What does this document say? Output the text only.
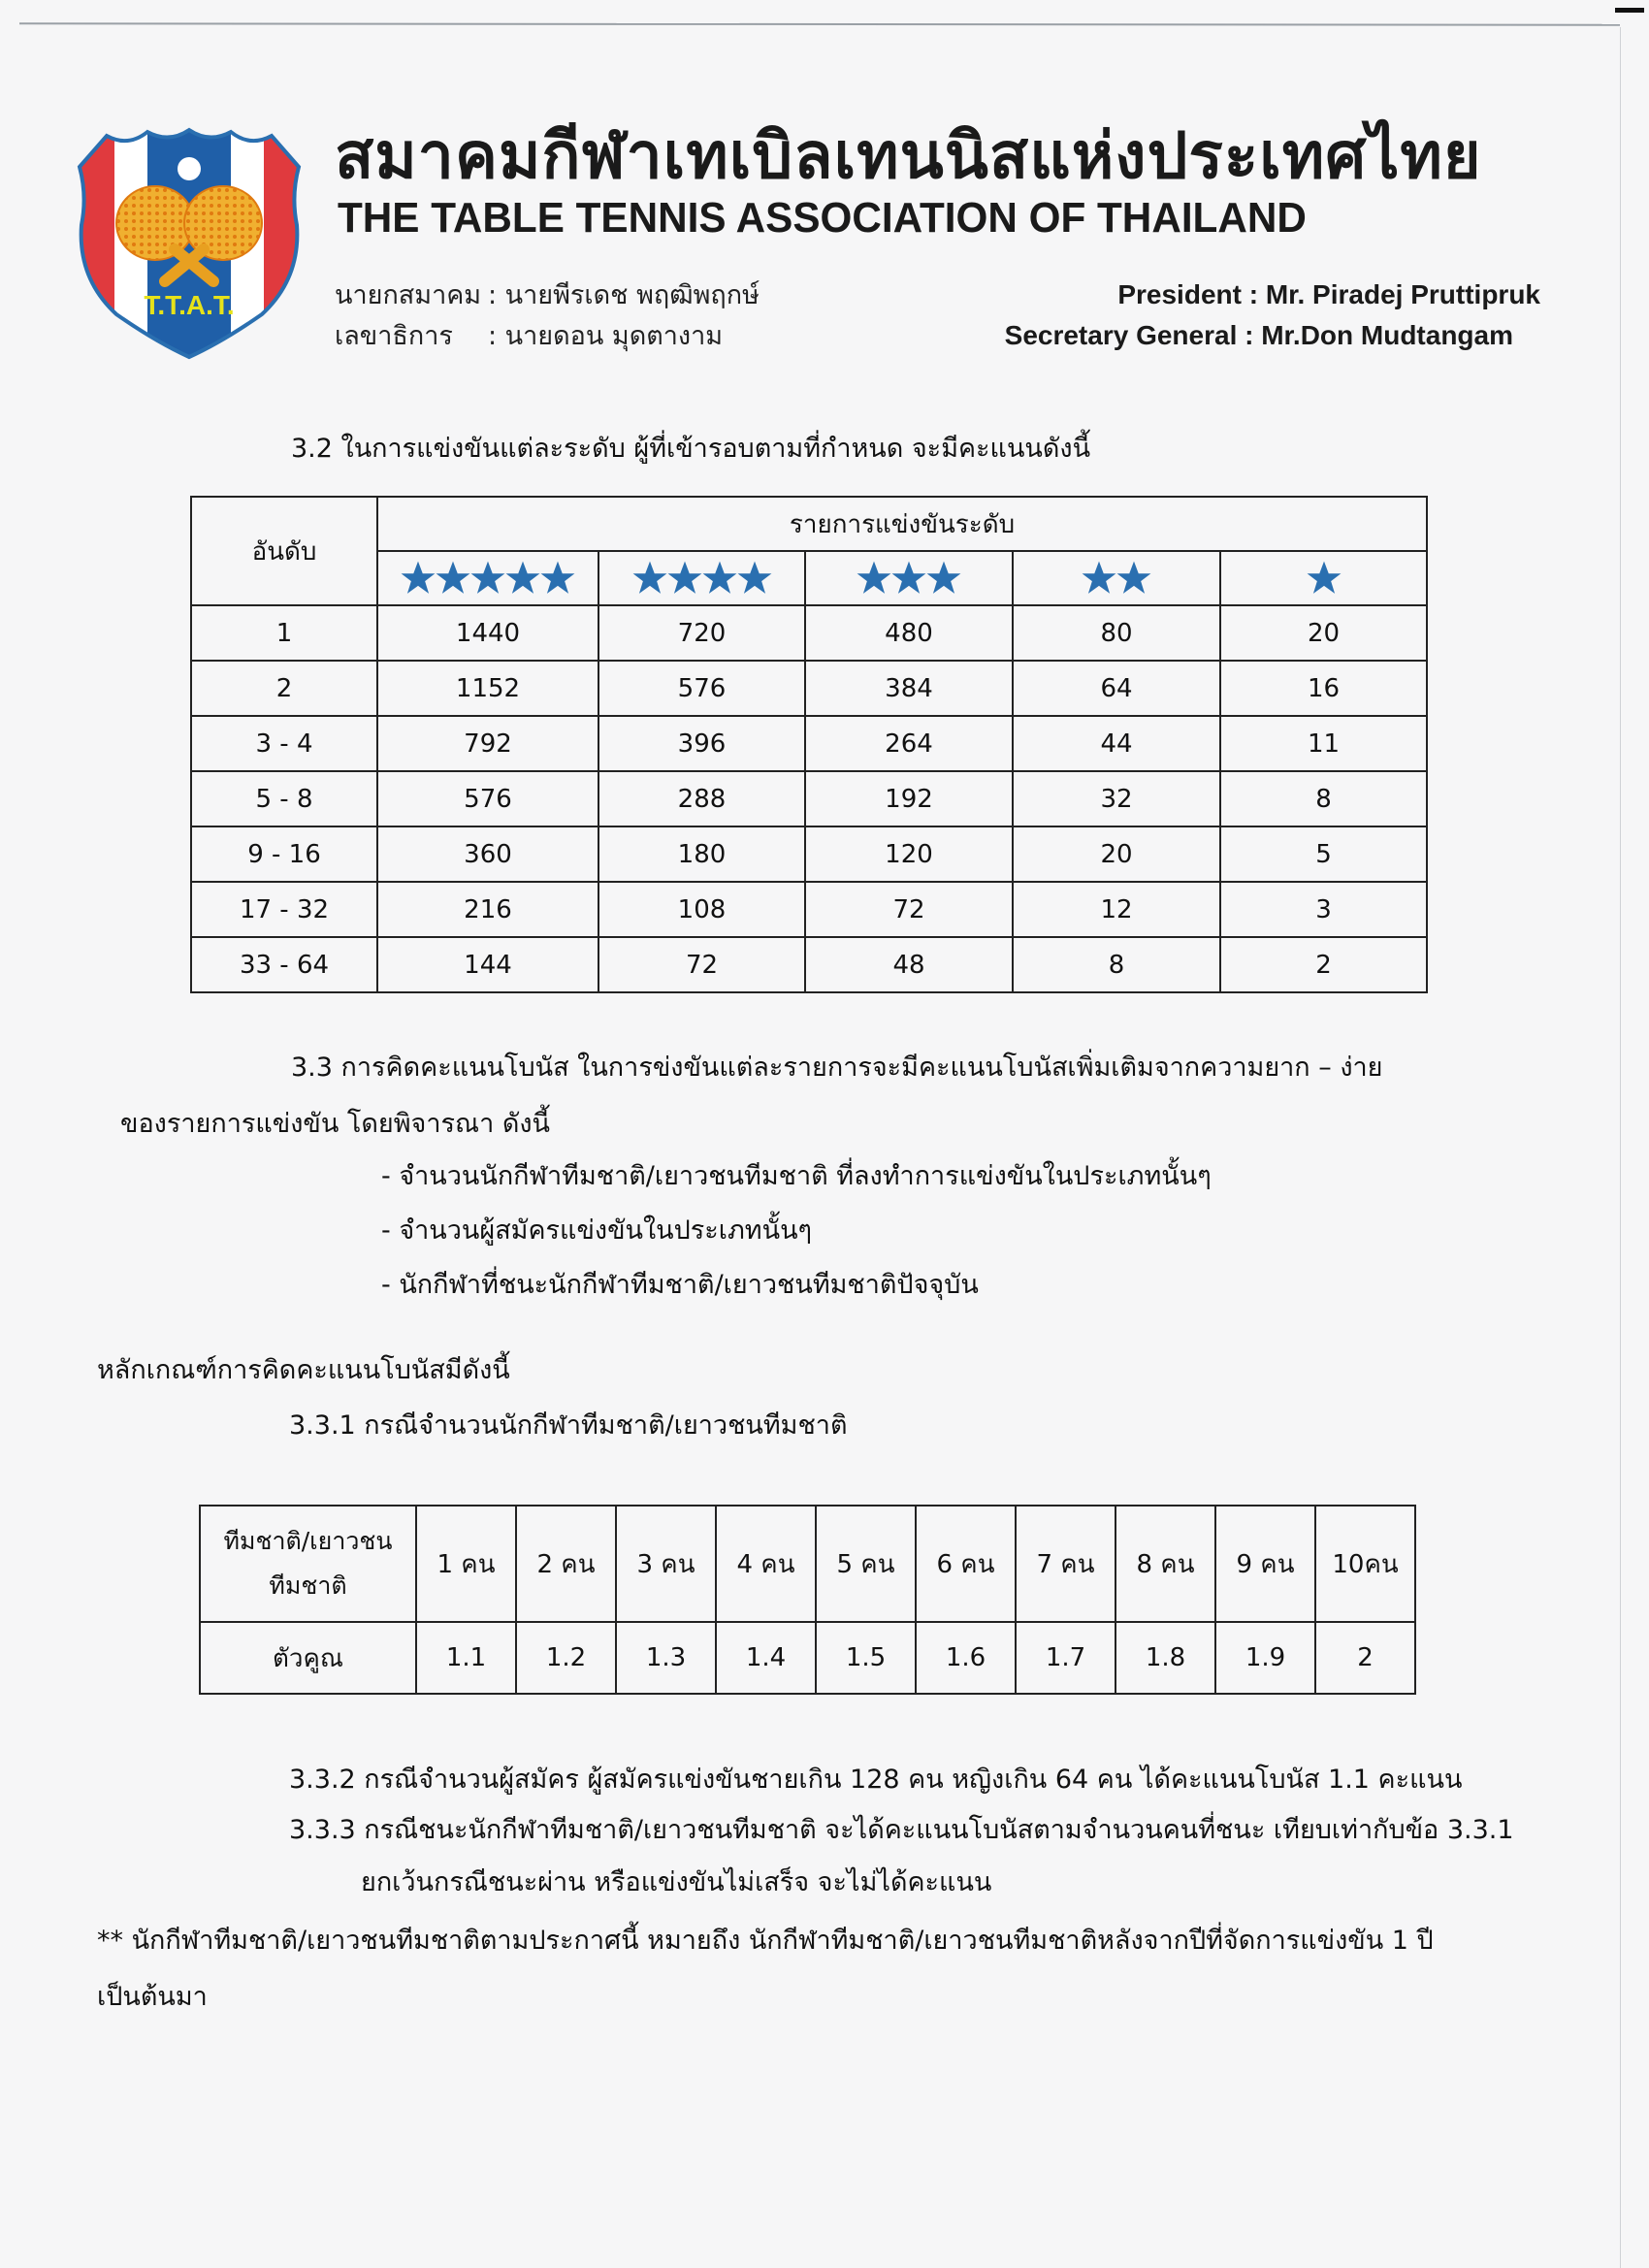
T.T.A.T.
สมาคมกีฬาเทเบิลเทนนิสแห่งประเทศไทย
THE TABLE TENNIS ASSOCIATION OF THAILAND
นายกสมาคม : นายพีรเดช พฤฒิพฤกษ์
เลขาธิการ : นายดอน มุดตางาม
President : Mr. Piradej Pruttipruk
Secretary General : Mr.Don Mudtangam
3.2 ในการแข่งขันแต่ละระดับ ผู้ที่เข้ารอบตามที่กำหนด จะมีคะแนนดังนี้
อันดับ	รายการแข่งขันระดับ				

1	1440	720	480	80	20
2	1152	576	384	64	16
3 - 4	792	396	264	44	11
5 - 8	576	288	192	32	8
9 - 16	360	180	120	20	5
17 - 32	216	108	72	12	3
33 - 64	144	72	48	8	2
3.3 การคิดคะแนนโบนัส ในการข่งขันแต่ละรายการจะมีคะแนนโบนัสเพิ่มเติมจากความยาก – ง่าย
ของรายการแข่งขัน โดยพิจารณา ดังนี้
- จำนวนนักกีฬาทีมชาติ/เยาวชนทีมชาติ ที่ลงทำการแข่งขันในประเภทนั้นๆ
- จำนวนผู้สมัครแข่งขันในประเภทนั้นๆ
- นักกีฬาที่ชนะนักกีฬาทีมชาติ/เยาวชนทีมชาติปัจจุบัน
หลักเกณฑ์การคิดคะแนนโบนัสมีดังนี้
3.3.1 กรณีจำนวนนักกีฬาทีมชาติ/เยาวชนทีมชาติ
ทีมชาติ/เยาวชน
ทีมชาติ	1 คน	2 คน	3 คน	4 คน	5 คน	6 คน	7 คน	8 คน	9 คน	10คน
ตัวคูณ	1.1	1.2	1.3	1.4	1.5	1.6	1.7	1.8	1.9	2
3.3.2 กรณีจำนวนผู้สมัคร ผู้สมัครแข่งขันชายเกิน 128 คน หญิงเกิน 64 คน ได้คะแนนโบนัส 1.1 คะแนน
3.3.3 กรณีชนะนักกีฬาทีมชาติ/เยาวชนทีมชาติ จะได้คะแนนโบนัสตามจำนวนคนที่ชนะ เทียบเท่ากับข้อ 3.3.1
ยกเว้นกรณีชนะผ่าน หรือแข่งขันไม่เสร็จ จะไม่ได้คะแนน
** นักกีฬาทีมชาติ/เยาวชนทีมชาติตามประกาศนี้ หมายถึง นักกีฬาทีมชาติ/เยาวชนทีมชาติหลังจากปีที่จัดการแข่งขัน 1 ปี
เป็นต้นมา
